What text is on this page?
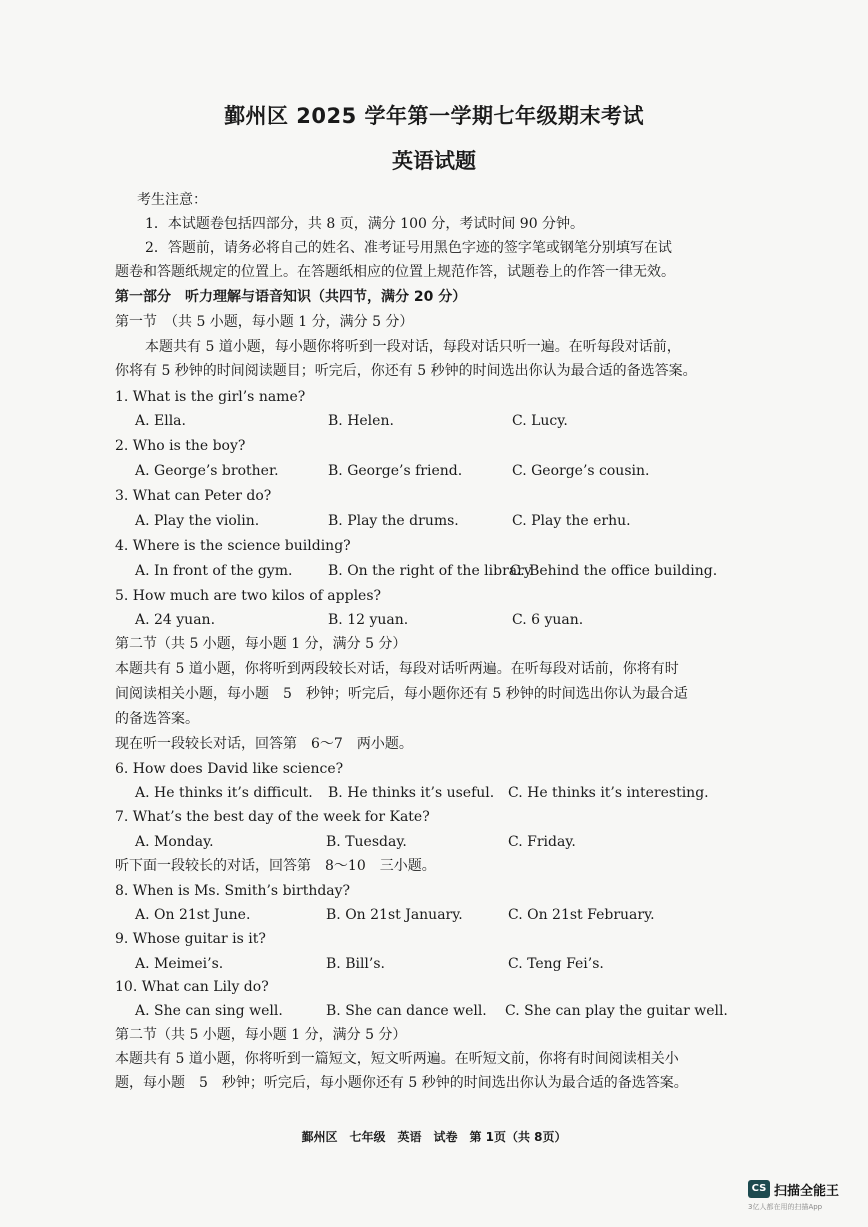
鄞州区 2025 学年第一学期七年级期末考试
英语试题
考生注意：
1．本试题卷包括四部分，共 8 页，满分 100 分，考试时间 90 分钟。
2．答题前，请务必将自己的姓名、准考证号用黑色字迹的签字笔或钢笔分别填写在试
题卷和答题纸规定的位置上。在答题纸相应的位置上规范作答，试题卷上的作答一律无效。
第一部分　听力理解与语音知识（共四节，满分 20 分）
第一节　（共 5 小题，每小题 1 分，满分 5 分）
本题共有 5 道小题，每小题你将听到一段对话，每段对话只听一遍。在听每段对话前，
你将有 5 秒钟的时间阅读题目；听完后，你还有 5 秒钟的时间选出你认为最合适的备选答案。
1. What is the girl’s name?
A. Ella.	B. Helen.	C. Lucy.
2. Who is the boy?
A. George’s brother.	B. George’s friend.	C. George’s cousin.
3. What can Peter do?
A. Play the violin.	B. Play the drums.	C. Play the erhu.
4. Where is the science building?
A. In front of the gym.	B. On the right of the library.
C. Behind the office building.
5. How much are two kilos of apples?
A. 24 yuan.	B. 12 yuan.	C. 6 yuan.
第二节（共 5 小题，每小题 1 分，满分 5 分）
本题共有 5 道小题，你将听到两段较长对话，每段对话听两遍。在听每段对话前，你将有时
间阅读相关小题，每小题　5　秒钟；听完后，每小题你还有 5 秒钟的时间选出你认为最合适
的备选答案。
现在听一段较长对话，回答第　6～7　两小题。
6. How does David like science?
A. He thinks it’s difficult. B. He thinks it’s useful. C. He thinks it’s interesting.
7. What’s the best day of the week for Kate?
A. Monday.	B. Tuesday.	C. Friday.
听下面一段较长的对话，回答第　8～10　三小题。
8. When is Ms. Smith’s birthday?
A. On 21st June.	B. On 21st January.	C. On 21st February.
9. Whose guitar is it?
A. Meimei’s.	B. Bill’s.	C. Teng Fei’s.
10. What can Lily do?
A. She can sing well.	B. She can dance well. C. She can play the guitar well.
第二节（共 5 小题，每小题 1 分，满分 5 分）
本题共有 5 道小题，你将听到一篇短文，短文听两遍。在听短文前，你将有时间阅读相关小
题，每小题　5　秒钟；听完后，每小题你还有 5 秒钟的时间选出你认为最合适的备选答案。
鄞州区　七年级　英语　试卷　第 1页（共 8页）
CS 扫描全能王
3亿人都在用的扫描App
